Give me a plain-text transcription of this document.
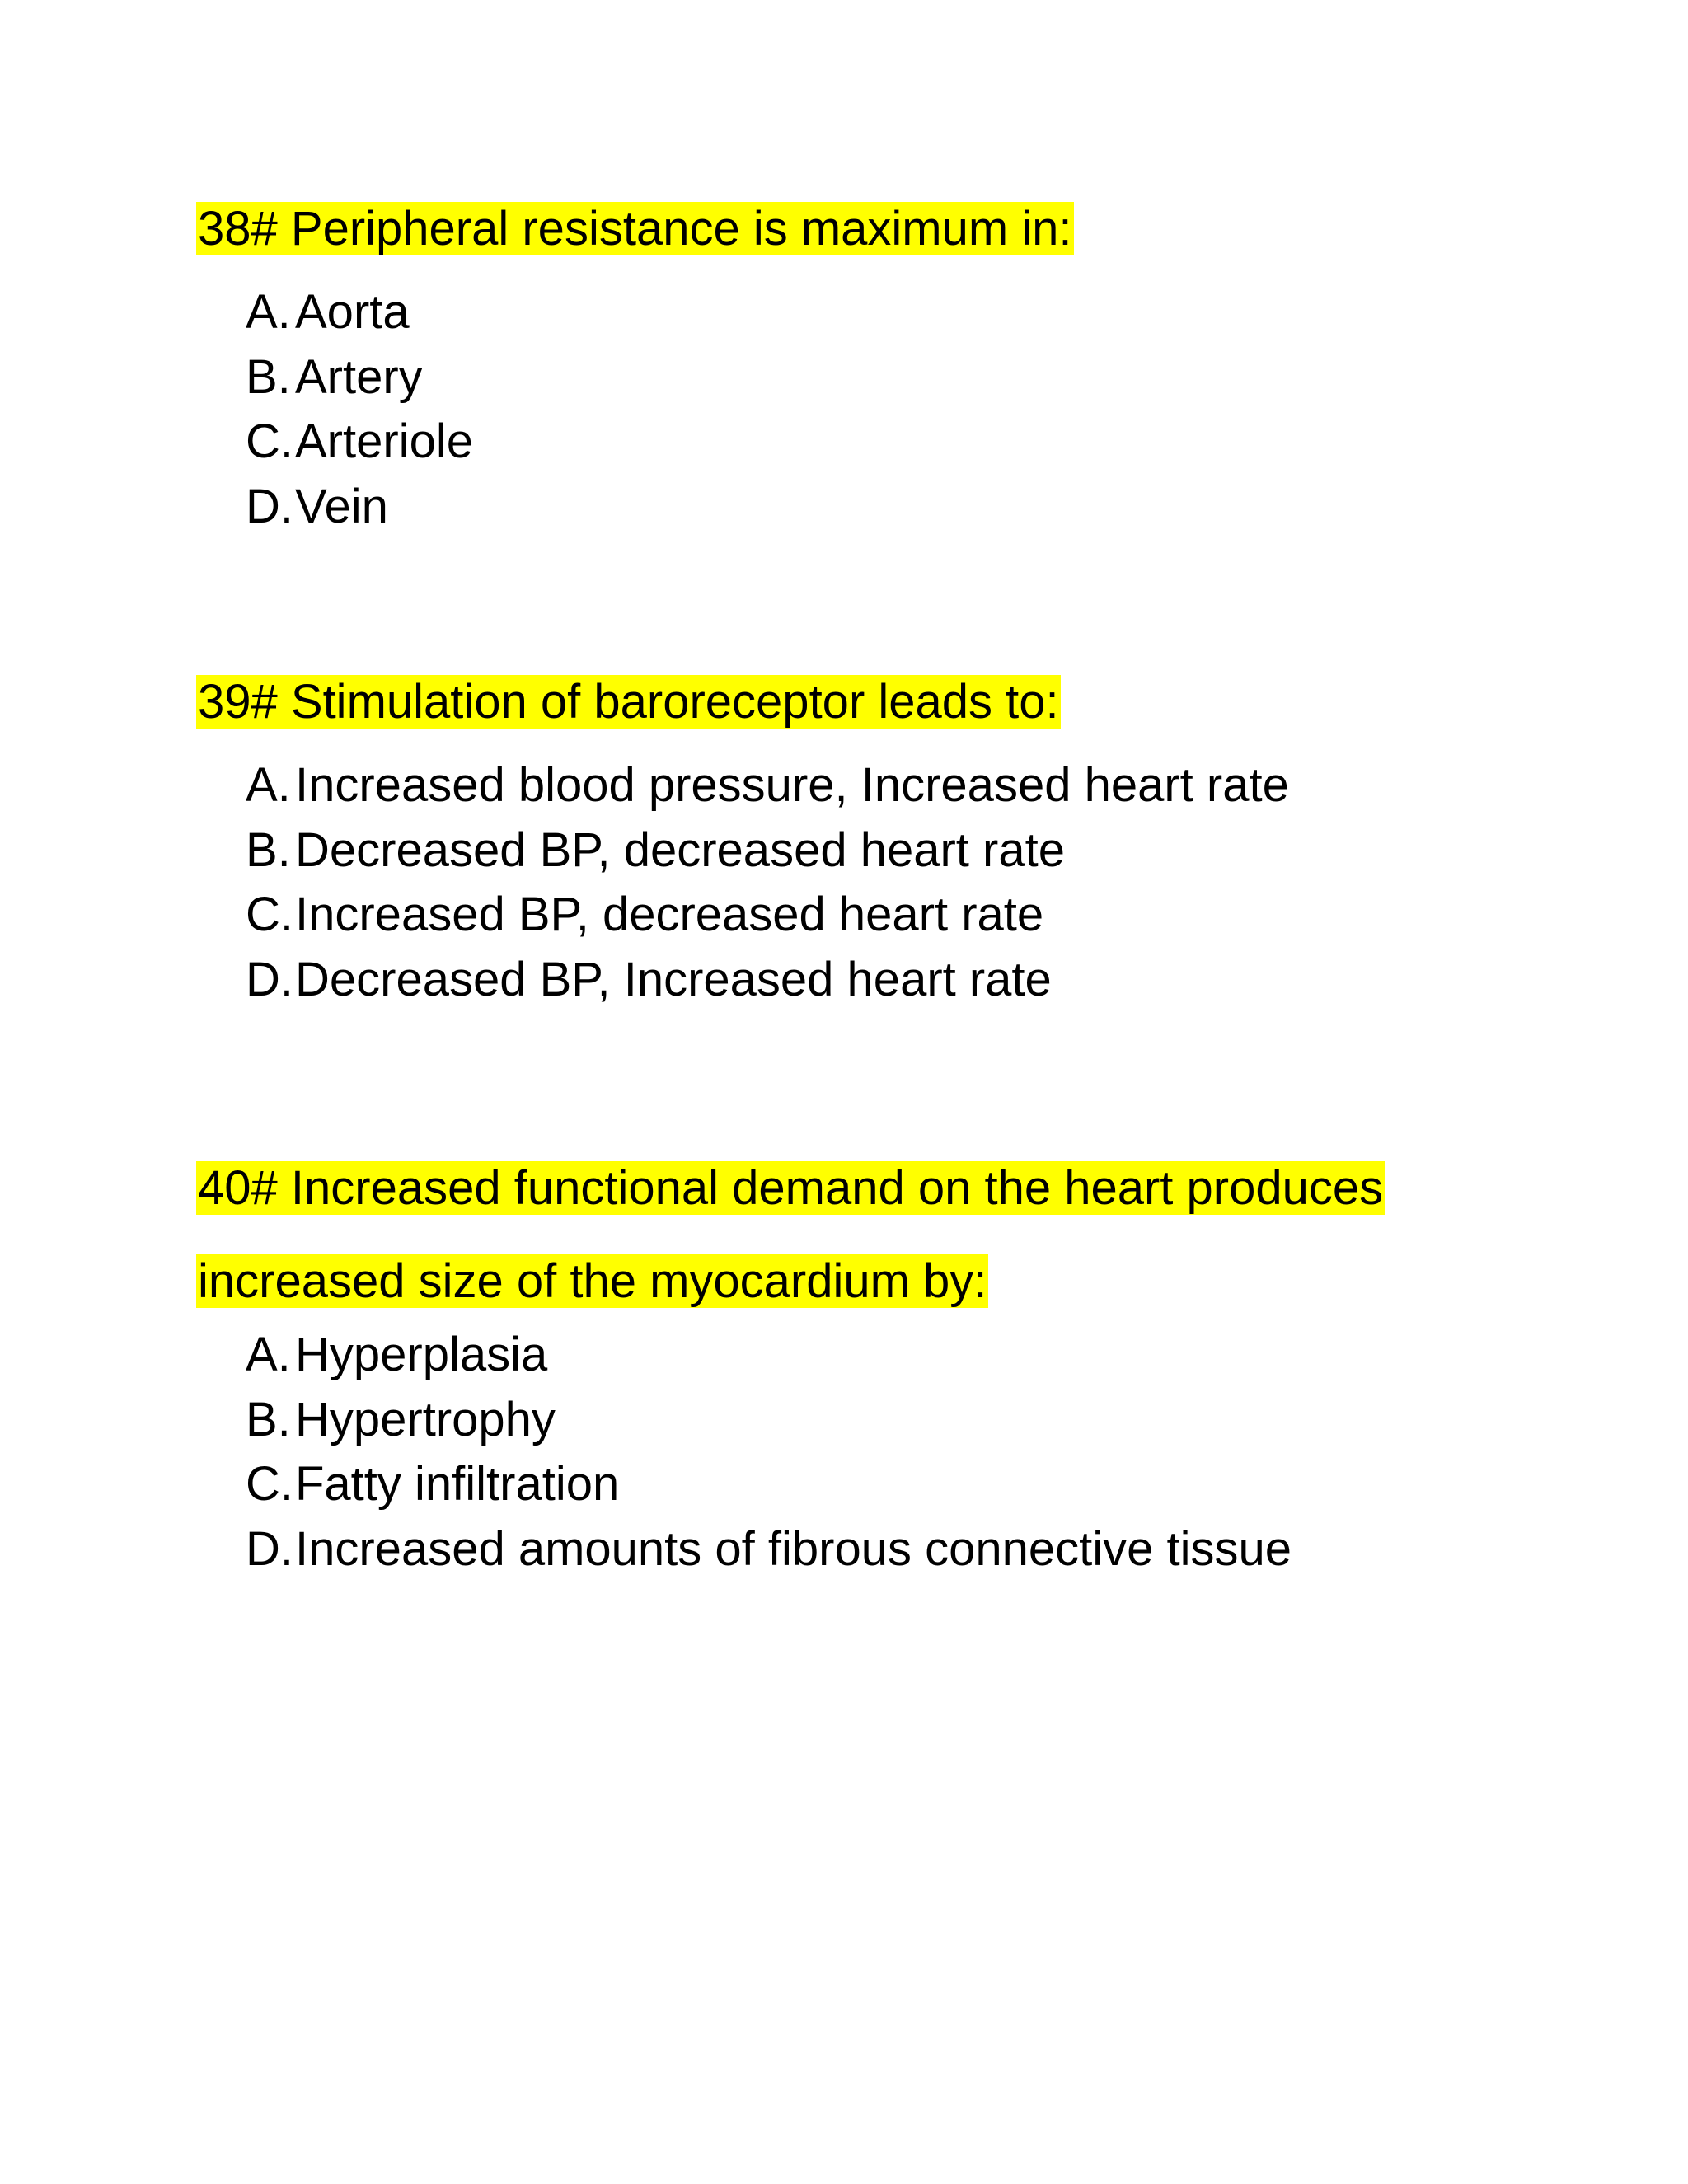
38# Peripheral resistance is maximum in:

A. Aorta
B. Artery
C. Arteriole
D. Vein

39# Stimulation of baroreceptor leads to:

A. Increased blood pressure, Increased heart rate
B. Decreased BP, decreased heart rate
C. Increased BP, decreased heart rate
D. Decreased BP, Increased heart rate

40# Increased functional demand on the heart produces

increased size of the myocardium by:

A. Hyperplasia
B. Hypertrophy
C. Fatty infiltration
D. Increased amounts of fibrous connective tissue
